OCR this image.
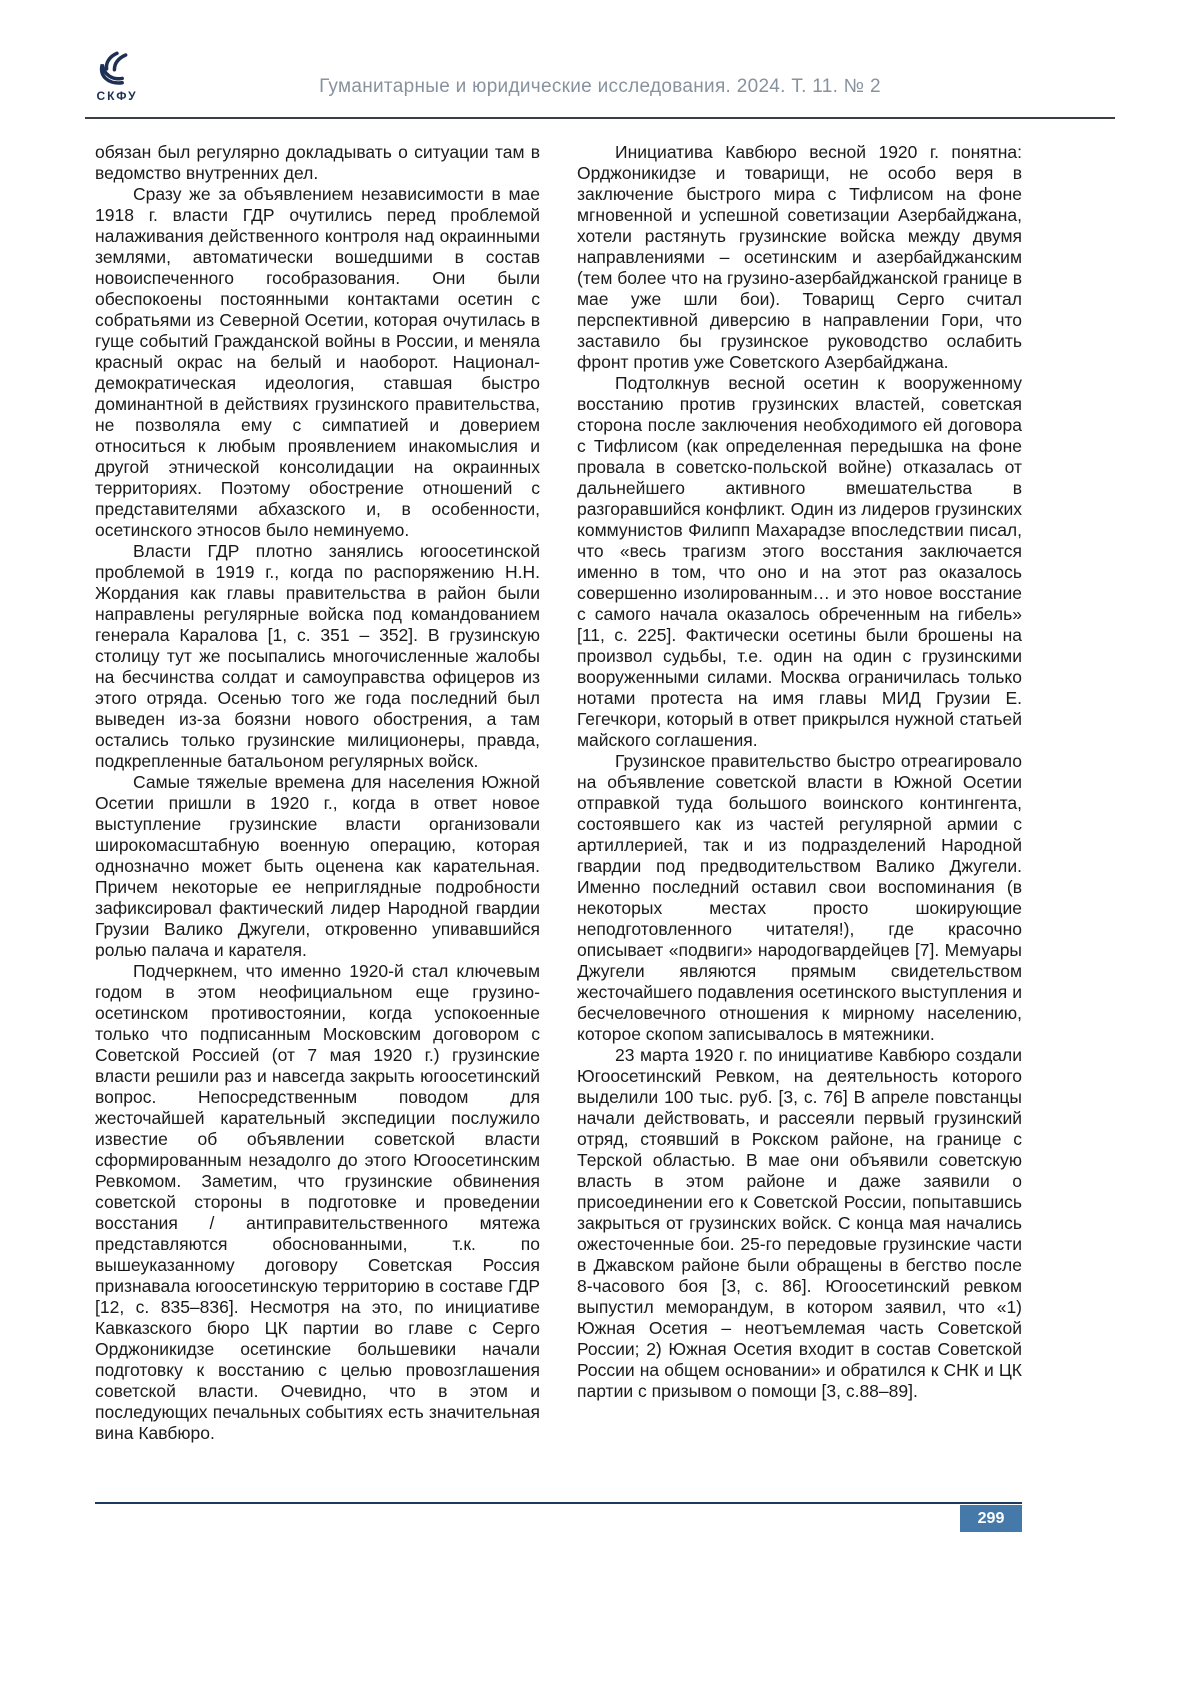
СКФУ	Гуманитарные и юридические исследования. 2024. Т. 11. № 2

обязан был регулярно докладывать о ситуации там в ведомство внутренних дел.

Сразу же за объявлением независимости в мае 1918 г. власти ГДР очутились перед проблемой налаживания действенного контроля над окраинными землями, автоматически вошедшими в состав новоиспеченного гособразования. Они были обеспокоены постоянными контактами осетин с собратьями из Северной Осетии, которая очутилась в гуще событий Гражданской войны в России, и меняла красный окрас на белый и наоборот. Национал-демократическая идеология, ставшая быстро доминантной в действиях грузинского правительства, не позволяла ему с симпатией и доверием относиться к любым проявлением инакомыслия и другой этнической консолидации на окраинных территориях. Поэтому обострение отношений с представителями абхазского и, в особенности, осетинского этносов было неминуемо.

Власти ГДР плотно занялись югоосетинской проблемой в 1919 г., когда по распоряжению Н.Н. Жордания как главы правительства в район были направлены регулярные войска под командованием генерала Каралова [1, с. 351 – 352]. В грузинскую столицу тут же посыпались многочисленные жалобы на бесчинства солдат и самоуправства офицеров из этого отряда. Осенью того же года последний был выведен из-за боязни нового обострения, а там остались только грузинские милиционеры, правда, подкрепленные батальоном регулярных войск.

Самые тяжелые времена для населения Южной Осетии пришли в 1920 г., когда в ответ новое выступление грузинские власти организовали широкомасштабную военную операцию, которая однозначно может быть оценена как карательная. Причем некоторые ее неприглядные подробности зафиксировал фактический лидер Народной гвардии Грузии Валико Джугели, откровенно упивавшийся ролью палача и карателя.

Подчеркнем, что именно 1920-й стал ключевым годом в этом неофициальном еще грузино-осетинском противостоянии, когда успокоенные только что подписанным Московским договором с Советской Россией (от 7 мая 1920 г.) грузинские власти решили раз и навсегда закрыть югоосетинский вопрос. Непосредственным поводом для жесточайшей карательный экспедиции послужило известие об объявлении советской власти сформированным незадолго до этого Югоосетинским Ревкомом. Заметим, что грузинские обвинения советской стороны в подготовке и проведении восстания / антиправительственного мятежа представляются обоснованными, т.к. по вышеуказанному договору Советская Россия признавала югоосетинскую территорию в составе ГДР [12, с. 835–836]. Несмотря на это, по инициативе Кавказского бюро ЦК партии во главе с Серго Орджоникидзе осетинские большевики начали подготовку к восстанию с целью провозглашения советской власти. Очевидно, что в этом и последующих печальных событиях есть значительная вина Кавбюро.

Инициатива Кавбюро весной 1920 г. понятна: Орджоникидзе и товарищи, не особо веря в заключение быстрого мира с Тифлисом на фоне мгновенной и успешной советизации Азербайджана, хотели растянуть грузинские войска между двумя направлениями – осетинским и азербайджанским (тем более что на грузино-азербайджанской границе в мае уже шли бои). Товарищ Серго считал перспективной диверсию в направлении Гори, что заставило бы грузинское руководство ослабить фронт против уже Советского Азербайджана.

Подтолкнув весной осетин к вооруженному восстанию против грузинских властей, советская сторона после заключения необходимого ей договора с Тифлисом (как определенная передышка на фоне провала в советско-польской войне) отказалась от дальнейшего активного вмешательства в разгоравшийся конфликт. Один из лидеров грузинских коммунистов Филипп Махарадзе впоследствии писал, что «весь трагизм этого восстания заключается именно в том, что оно и на этот раз оказалось совершенно изолированным… и это новое восстание с самого начала оказалось обреченным на гибель» [11, с. 225]. Фактически осетины были брошены на произвол судьбы, т.е. один на один с грузинскими вооруженными силами. Москва ограничилась только нотами протеста на имя главы МИД Грузии Е. Гегечкори, который в ответ прикрылся нужной статьей майского соглашения.

Грузинское правительство быстро отреагировало на объявление советской власти в Южной Осетии отправкой туда большого воинского контингента, состоявшего как из частей регулярной армии с артиллерией, так и из подразделений Народной гвардии под предводительством Валико Джугели. Именно последний оставил свои воспоминания (в некоторых местах просто шокирующие неподготовленного читателя!), где красочно описывает «подвиги» народогвардейцев [7]. Мемуары Джугели являются прямым свидетельством жесточайшего подавления осетинского выступления и бесчеловечного отношения к мирному населению, которое скопом записывалось в мятежники.

23 марта 1920 г. по инициативе Кавбюро создали Югоосетинский Ревком, на деятельность которого выделили 100 тыс. руб. [3, с. 76] В апреле повстанцы начали действовать, и рассеяли первый грузинский отряд, стоявший в Рокском районе, на границе с Терской областью. В мае они объявили советскую власть в этом районе и даже заявили о присоединении его к Советской России, попытавшись закрыться от грузинских войск. С конца мая начались ожесточенные бои. 25-го передовые грузинские части в Джавском районе были обращены в бегство после 8-часового боя [3, с. 86]. Югоосетинский ревком выпустил меморандум, в котором заявил, что «1) Южная Осетия – неотъемлемая часть Советской России; 2) Южная Осетия входит в состав Советской России на общем основании» и обратился к СНК и ЦК партии с призывом о помощи [3, с.88–89].

299
